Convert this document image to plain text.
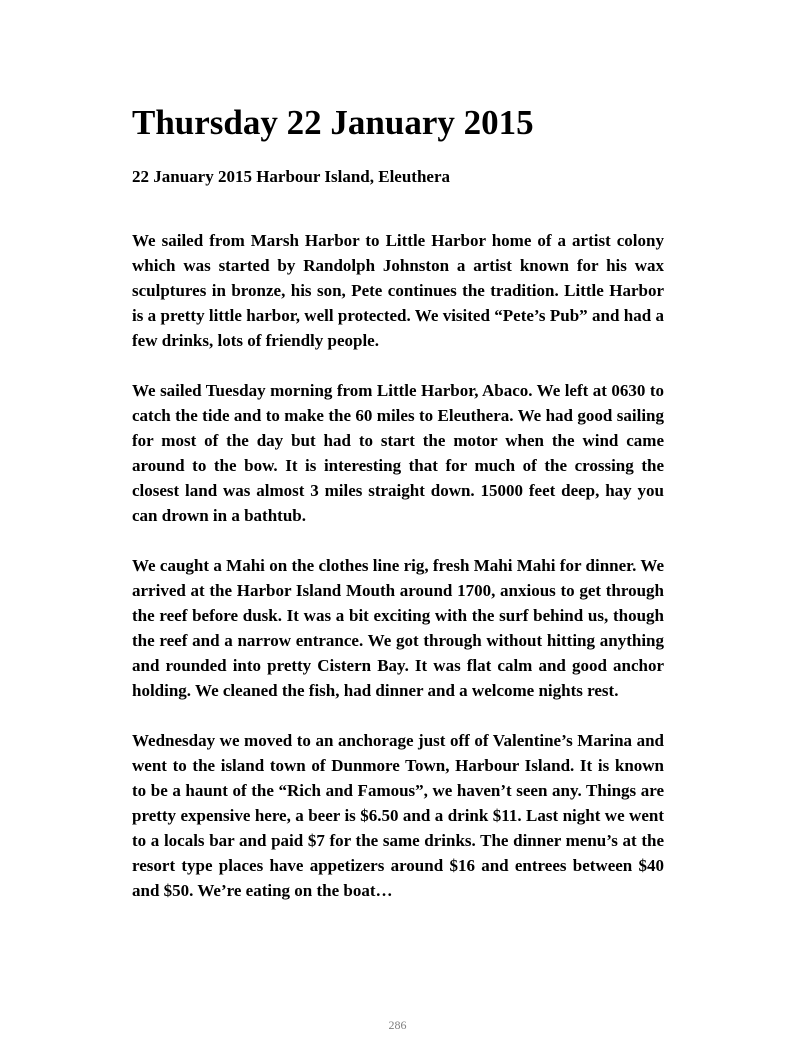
Thursday 22 January 2015
22 January 2015 Harbour Island, Eleuthera

We sailed from Marsh Harbor to Little Harbor home of a artist colony which was started by Randolph Johnston a artist known for his wax sculptures in bronze, his son, Pete continues the tradition. Little Harbor is a pretty little harbor, well protected. We visited “Pete’s Pub” and had a few drinks, lots of friendly people.

We sailed Tuesday morning from Little Harbor, Abaco. We left at 0630 to catch the tide and to make the 60 miles to Eleuthera. We had good sailing for most of the day but had to start the motor when the wind came around to the bow. It is interesting that for much of the crossing the closest land was almost 3 miles straight down. 15000 feet deep, hay you can drown in a bathtub.

We caught a Mahi on the clothes line rig, fresh Mahi Mahi for dinner. We arrived at the Harbor Island Mouth around 1700, anxious to get through the reef before dusk. It was a bit exciting with the surf behind us, though the reef and a narrow entrance. We got through without hitting anything and rounded into pretty Cistern Bay. It was flat calm and good anchor holding. We cleaned the fish, had dinner and a welcome nights rest.

Wednesday we moved to an anchorage just off of Valentine’s Marina and went to the island town of Dunmore Town, Harbour Island. It is known to be a haunt of the “Rich and Famous”, we haven’t seen any. Things are pretty expensive here, a beer is $6.50 and a drink $11. Last night we went to a locals bar and paid $7 for the same drinks. The dinner menu’s at the resort type places have appetizers around $16 and entrees between $40 and $50. We’re eating on the boat…

286
